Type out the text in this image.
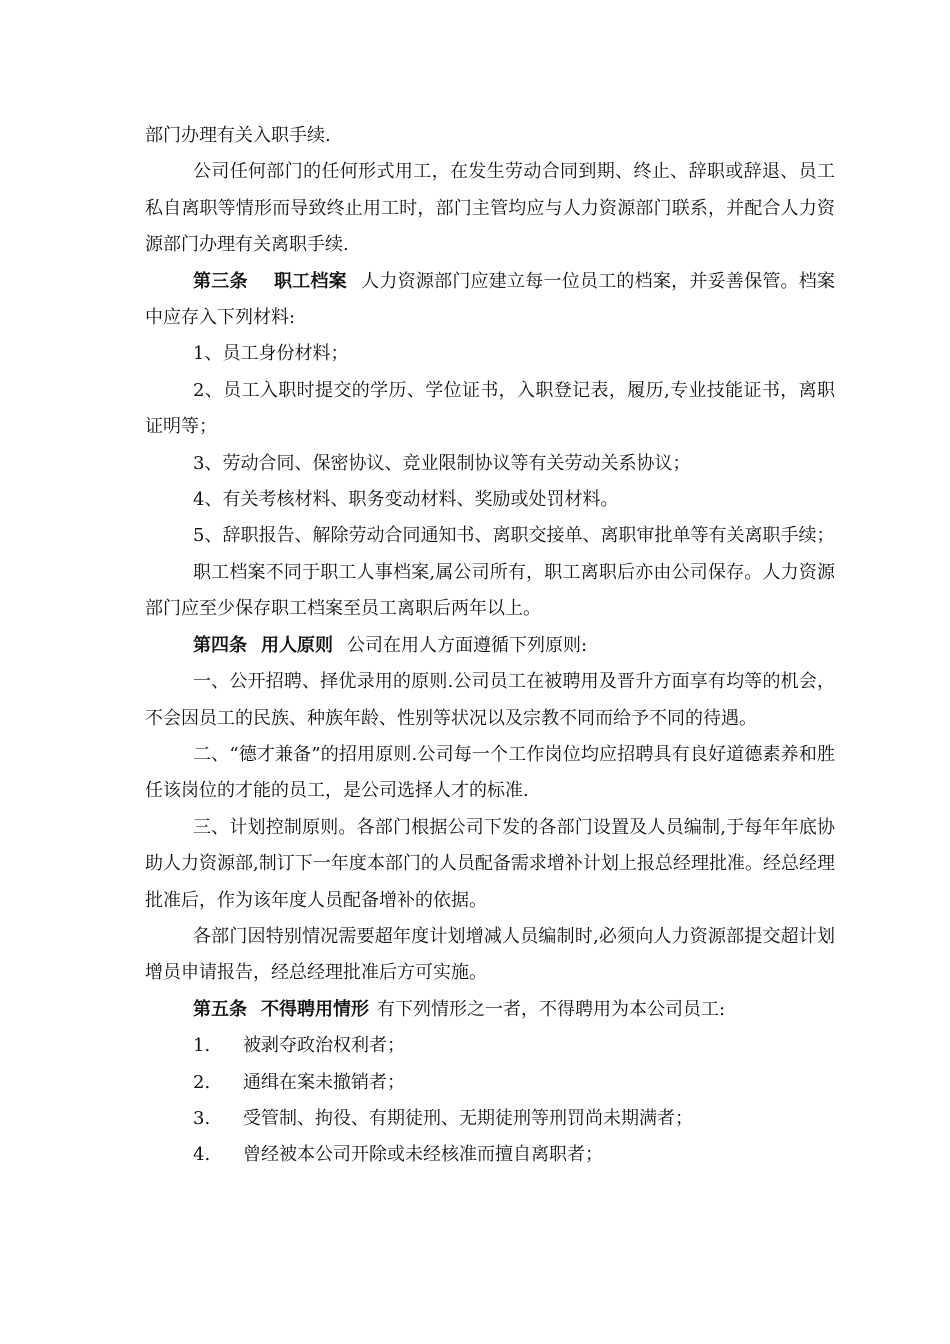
部门办理有关入职手续.

公司任何部门的任何形式用工，在发生劳动合同到期、终止、辞职或辞退、员工私自离职等情形而导致终止用工时，部门主管均应与人力资源部门联系，并配合人力资源部门办理有关离职手续.

第三条 职工档案 人力资源部门应建立每一位员工的档案，并妥善保管。档案中应存入下列材料:

1、员工身份材料；

2、员工入职时提交的学历、学位证书，入职登记表，履历,专业技能证书，离职证明等；

3、劳动合同、保密协议、竞业限制协议等有关劳动关系协议；

4、有关考核材料、职务变动材料、奖励或处罚材料。

5、辞职报告、解除劳动合同通知书、离职交接单、离职审批单等有关离职手续；

职工档案不同于职工人事档案,属公司所有，职工离职后亦由公司保存。人力资源部门应至少保存职工档案至员工离职后两年以上。

第四条 用人原则 公司在用人方面遵循下列原则:

一、公开招聘、择优录用的原则.公司员工在被聘用及晋升方面享有均等的机会，不会因员工的民族、种族年龄、性别等状况以及宗教不同而给予不同的待遇。

二、“德才兼备”的招用原则.公司每一个工作岗位均应招聘具有良好道德素养和胜任该岗位的才能的员工，是公司选择人才的标准.

三、计划控制原则。各部门根据公司下发的各部门设置及人员编制,于每年年底协助人力资源部,制订下一年度本部门的人员配备需求增补计划上报总经理批准。经总经理批准后，作为该年度人员配备增补的依据。

各部门因特别情况需要超年度计划增减人员编制时,必须向人力资源部提交超计划增员申请报告，经总经理批准后方可实施。

第五条 不得聘用情形 有下列情形之一者，不得聘用为本公司员工:

1. 被剥夺政治权利者；

2. 通缉在案未撤销者；

3. 受管制、拘役、有期徒刑、无期徒刑等刑罚尚未期满者；

4. 曾经被本公司开除或未经核准而擅自离职者；
